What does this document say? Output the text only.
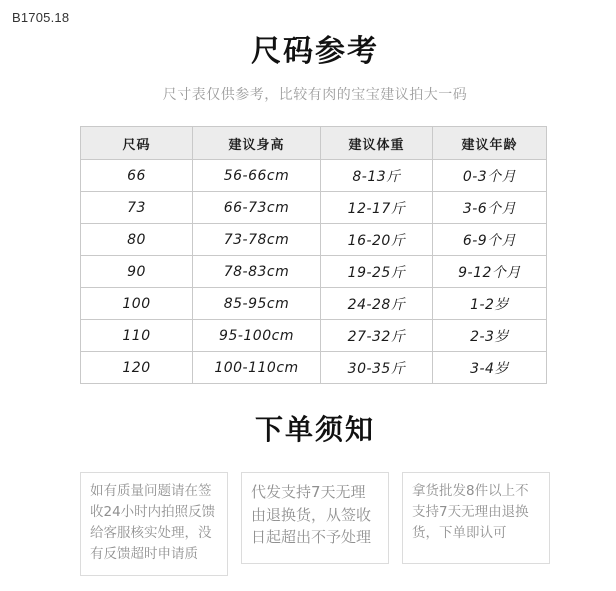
B1705.18
尺码参考
尺寸表仅供参考，比较有肉的宝宝建议拍大一码
尺码	建议身高	建议体重	建议年龄
66	56-66cm	8-13斤	0-3个月
73	66-73cm	12-17斤	3-6个月
80	73-78cm	16-20斤	6-9个月
90	78-83cm	19-25斤	9-12个月
100	85-95cm	24-28斤	1-2岁
110	95-100cm	27-32斤	2-3岁
120	100-110cm	30-35斤	3-4岁
下单须知
如有质量问题请在签收24小时内拍照反馈给客服核实处理，没有反馈超时申请质
代发支持7天无理由退换货，从签收日起超出不予处理
拿货批发8件以上不支持7天无理由退换货，下单即认可
